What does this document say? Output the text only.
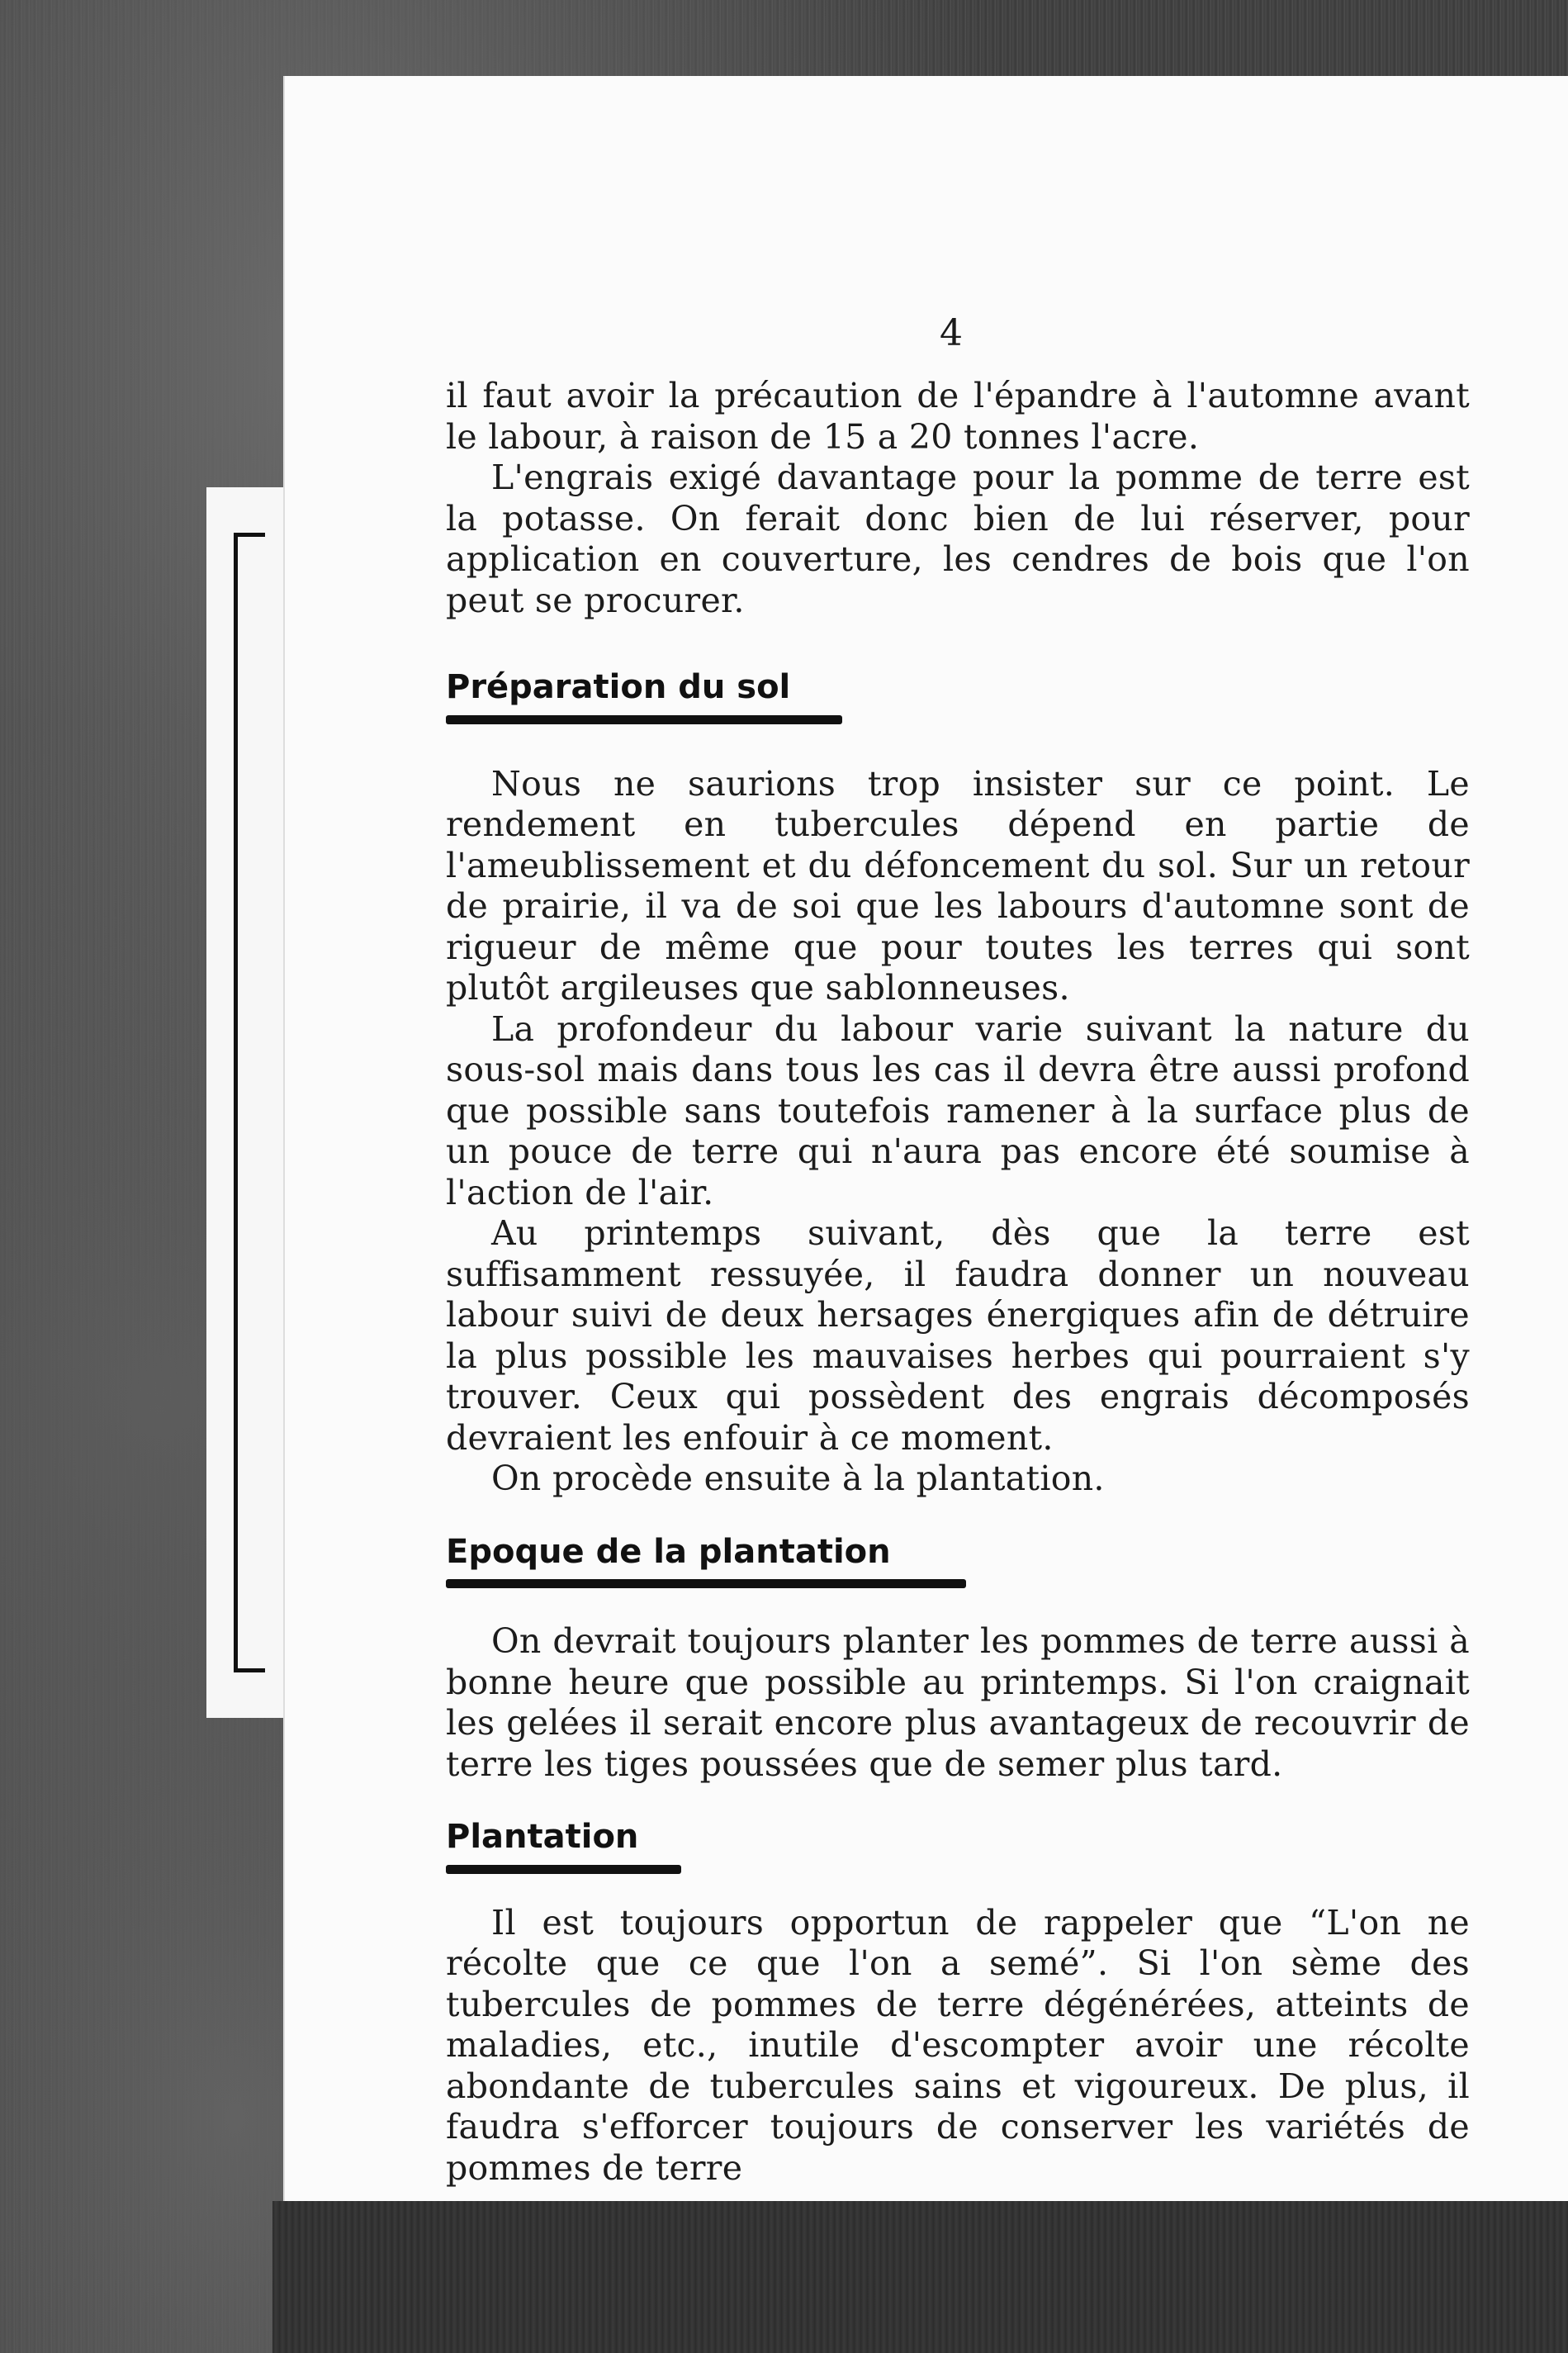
4

il faut avoir la précaution de l'épandre à l'automne avant le labour, à raison de 15 a 20 tonnes l'acre.

L'engrais exigé davantage pour la pomme de terre est la potasse. On ferait donc bien de lui réserver, pour application en couverture, les cendres de bois que l'on peut se procurer.

Préparation du sol

Nous ne saurions trop insister sur ce point. Le rendement en tubercules dépend en partie de l'ameublissement et du défoncement du sol. Sur un retour de prairie, il va de soi que les labours d'automne sont de rigueur de même que pour toutes les terres qui sont plutôt argileuses que sablonneuses.

La profondeur du labour varie suivant la nature du sous-sol mais dans tous les cas il devra être aussi profond que possible sans toutefois ramener à la surface plus de un pouce de terre qui n'aura pas encore été soumise à l'action de l'air.

Au printemps suivant, dès que la terre est suffisamment ressuyée, il faudra donner un nouveau labour suivi de deux hersages énergiques afin de détruire la plus possible les mauvaises herbes qui pourraient s'y trouver. Ceux qui possèdent des engrais décomposés devraient les enfouir à ce moment.

On procède ensuite à la plantation.

Epoque de la plantation

On devrait toujours planter les pommes de terre aussi à bonne heure que possible au printemps. Si l'on craignait les gelées il serait encore plus avantageux de recouvrir de terre les tiges poussées que de semer plus tard.

Plantation

Il est toujours opportun de rappeler que “L'on ne récolte que ce que l'on a semé”. Si l'on sème des tubercules de pommes de terre dégénérées, atteints de maladies, etc., inutile d'escompter avoir une récolte abondante de tubercules sains et vigoureux. De plus, il faudra s'efforcer toujours de conserver les variétés de pommes de terre
